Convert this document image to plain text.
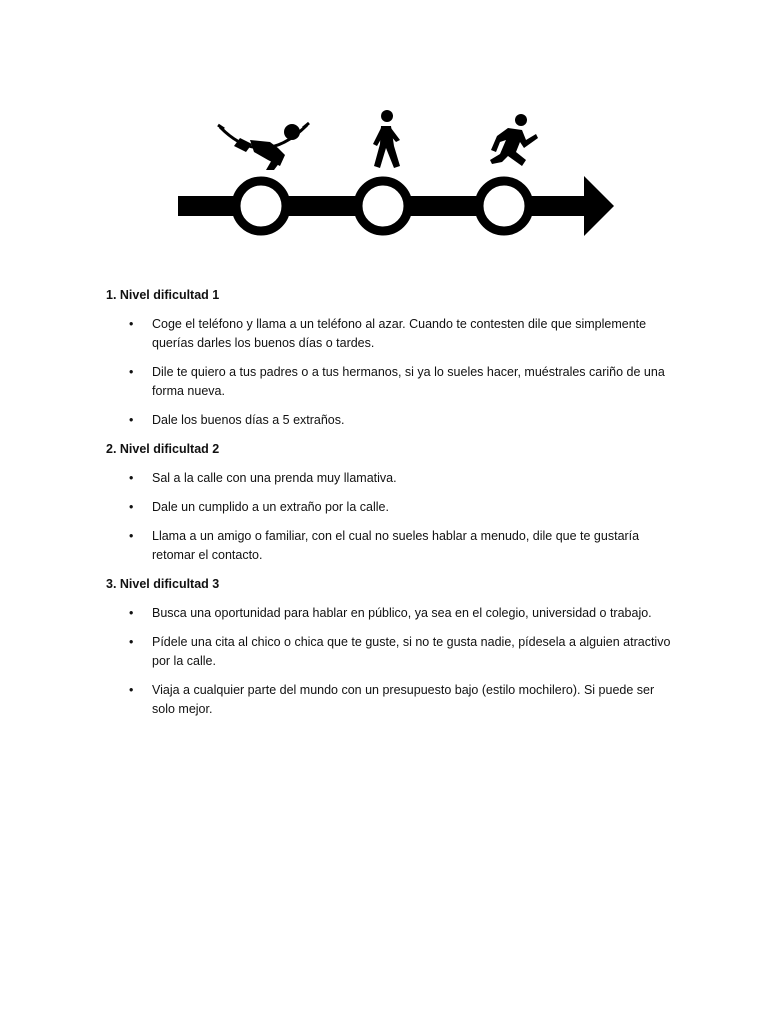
1. Nivel dificultad 1

• Coge el teléfono y llama a un teléfono al azar. Cuando te contesten dile que simplemente querías darles los buenos días o tardes.
• Dile te quiero a tus padres o a tus hermanos, si ya lo sueles hacer, muéstrales cariño de una forma nueva.
• Dale los buenos días a 5 extraños.

2. Nivel dificultad 2

• Sal a la calle con una prenda muy llamativa.
• Dale un cumplido a un extraño por la calle.
• Llama a un amigo o familiar, con el cual no sueles hablar a menudo, dile que te gustaría retomar el contacto.

3. Nivel dificultad 3

• Busca una oportunidad para hablar en público, ya sea en el colegio, universidad o trabajo.
• Pídele una cita al chico o chica que te guste, si no te gusta nadie, pídesela a alguien atractivo por la calle.
• Viaja a cualquier parte del mundo con un presupuesto bajo (estilo mochilero). Si puede ser solo mejor.
